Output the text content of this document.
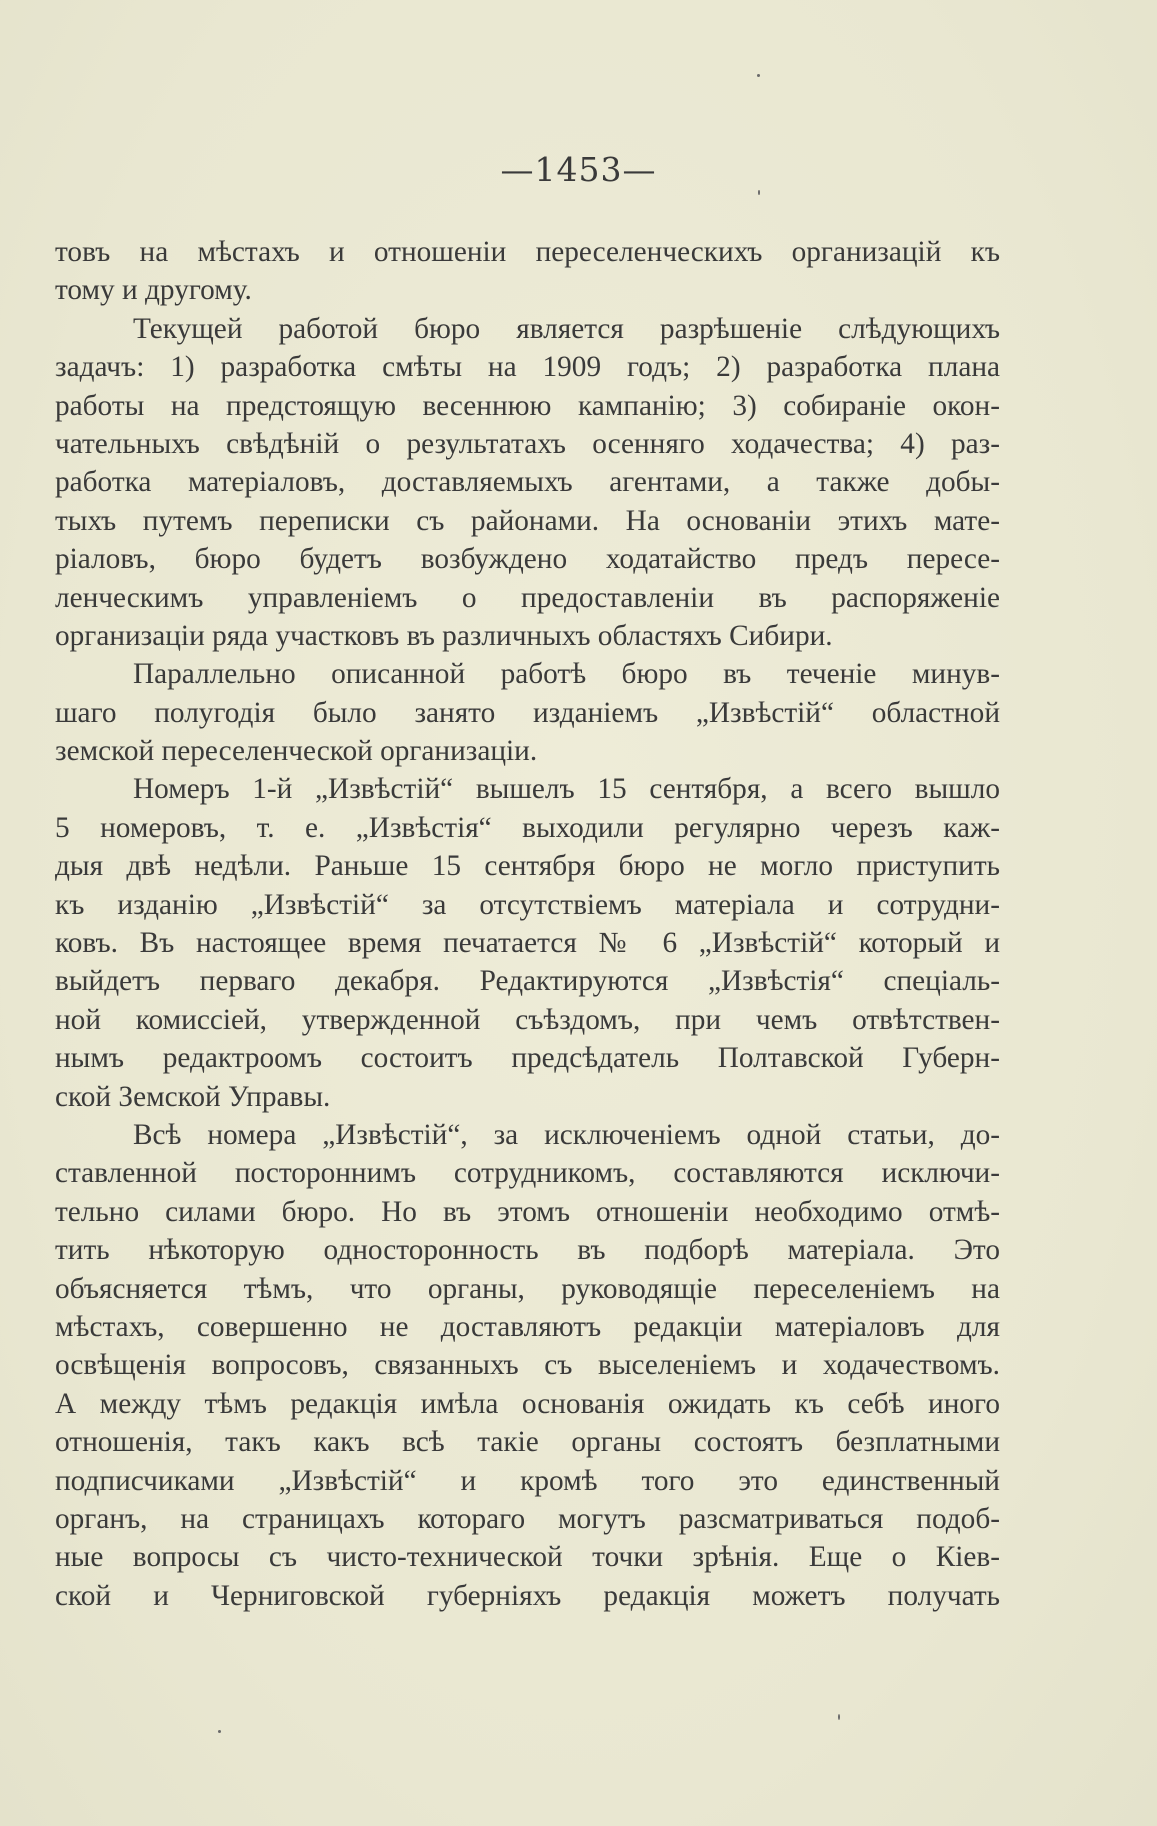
—1453—
товъ на мѣстахъ и отношеніи переселенческихъ организацій къ
тому и другому.
Текущей работой бюро является разрѣшеніе слѣдующихъ
задачъ: 1) разработка смѣты на 1909 годъ; 2) разработка плана
работы на предстоящую весеннюю кампанію; 3) собираніе окон-
чательныхъ свѣдѣній о результатахъ осенняго ходачества; 4) раз-
работка матеріаловъ, доставляемыхъ агентами, а также добы-
тыхъ путемъ переписки съ районами. На основаніи этихъ мате-
ріаловъ, бюро будетъ возбуждено ходатайство предъ пересе-
ленческимъ управленіемъ о предоставленіи въ распоряженіе
организаціи ряда участковъ въ различныхъ областяхъ Сибири.
Параллельно описанной работѣ бюро въ теченіе минув-
шаго полугодія было занято изданіемъ „Извѣстій“ областной
земской переселенческой организаціи.
Номеръ 1-й „Извѣстій“ вышелъ 15 сентября, а всего вышло
5 номеровъ, т. е. „Извѣстія“ выходили регулярно черезъ каж-
дыя двѣ недѣли. Раньше 15 сентября бюро не могло приступить
къ изданію „Извѣстій“ за отсутствіемъ матеріала и сотрудни-
ковъ. Въ настоящее время печатается № 6 „Извѣстій“ который и
выйдетъ перваго декабря. Редактируются „Извѣстія“ спеціаль-
ной комиссіей, утвержденной съѣздомъ, при чемъ отвѣтствен-
нымъ редактроомъ состоитъ предсѣдатель Полтавской Губерн-
ской Земской Управы.
Всѣ номера „Извѣстій“, за исключеніемъ одной статьи, до-
ставленной постороннимъ сотрудникомъ, составляются исключи-
тельно силами бюро. Но въ этомъ отношеніи необходимо отмѣ-
тить нѣкоторую односторонность въ подборѣ матеріала. Это
объясняется тѣмъ, что органы, руководящіе переселеніемъ на
мѣстахъ, совершенно не доставляютъ редакціи матеріаловъ для
освѣщенія вопросовъ, связанныхъ съ выселеніемъ и ходачествомъ.
А между тѣмъ редакція имѣла основанія ожидать къ себѣ иного
отношенія, такъ какъ всѣ такіе органы состоятъ безплатными
подписчиками „Извѣстій“ и кромѣ того это единственный
органъ, на страницахъ котораго могутъ разсматриваться подоб-
ные вопросы съ чисто-технической точки зрѣнія. Еще о Кіев-
ской и Черниговской губерніяхъ редакція можетъ получать
